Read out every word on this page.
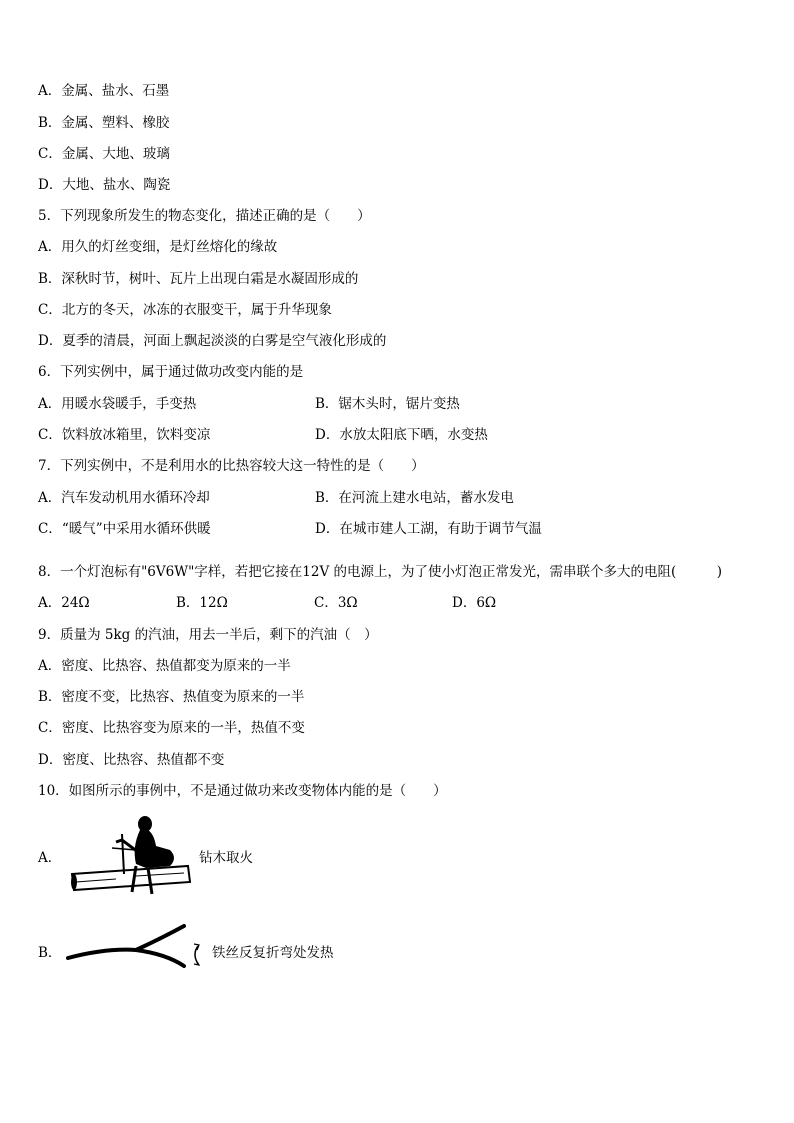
A．金属、盐水、石墨
B．金属、塑料、橡胶
C．金属、大地、玻璃
D．大地、盐水、陶瓷
5．下列现象所发生的物态变化，描述正确的是（　　）
A．用久的灯丝变细，是灯丝熔化的缘故
B．深秋时节，树叶、瓦片上出现白霜是水凝固形成的
C．北方的冬天，冰冻的衣服变干，属于升华现象
D．夏季的清晨，河面上飘起淡淡的白雾是空气液化形成的
6．下列实例中，属于通过做功改变内能的是
A．用暖水袋暖手，手变热	B．锯木头时，锯片变热
C．饮料放冰箱里，饮料变凉	D．水放太阳底下晒，水变热
7．下列实例中，不是利用水的比热容较大这一特性的是（　　）
A．汽车发动机用水循环冷却	B．在河流上建水电站，蓄水发电
C．“暖气”中采用水循环供暖	D．在城市建人工湖，有助于调节气温
8．一个灯泡标有"6V6W"字样，若把它接在12V 的电源上，为了使小灯泡正常发光，需串联个多大的电阻(　　　)
A．24Ω	B．12Ω	C．3Ω	D．6Ω
9．质量为 5kg 的汽油，用去一半后，剩下的汽油（　）
A．密度、比热容、热值都变为原来的一半
B．密度不变，比热容、热值变为原来的一半
C．密度、比热容变为原来的一半，热值不变
D．密度、比热容、热值都不变
10．如图所示的事例中，不是通过做功来改变物体内能的是（　　）
A．	钻木取火
B．	铁丝反复折弯处发热
